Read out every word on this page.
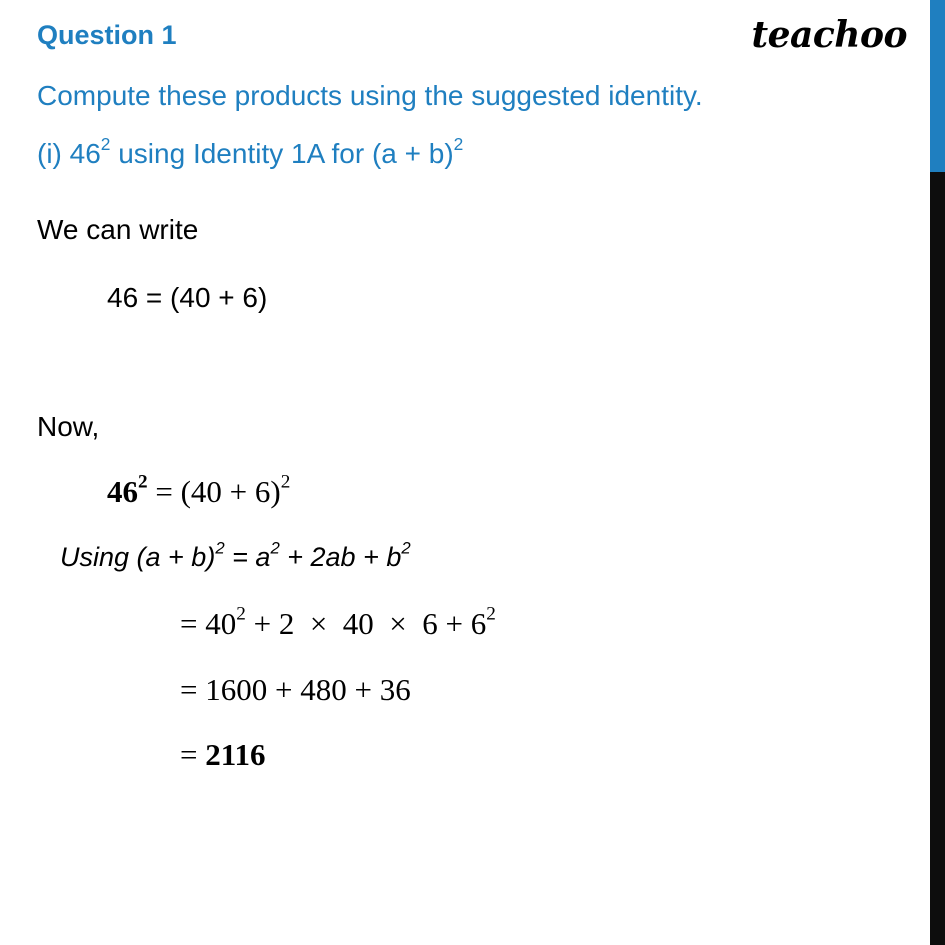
Question 1	teachoo
Compute these products using the suggested identity.
(i) $46^2$ using Identity 1A for $(a + b)^2$
We can write
46 = (40 + 6)
Now,
$46^2 = (40 + 6)^2$
Using $(a + b)^2 = a^2 + 2ab + b^2$
= $40^2 + 2 \times 40 \times 6 + 6^2$
= 1600 + 480 + 36
= 2116
